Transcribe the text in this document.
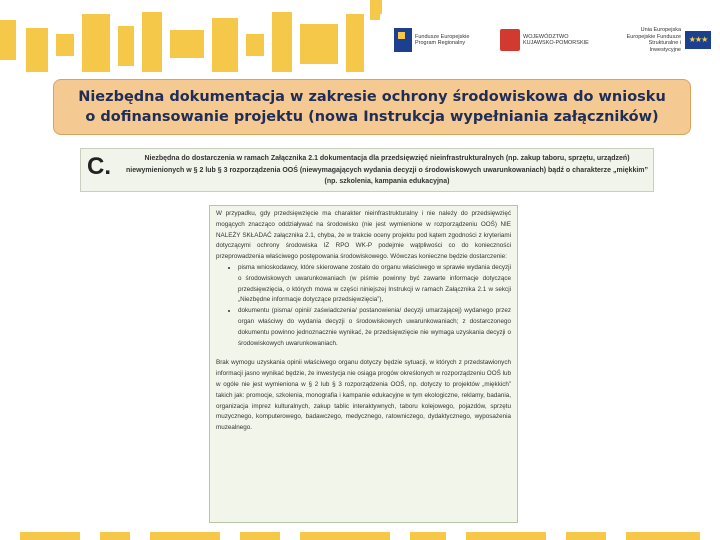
Fundusze Europejskie Program Regionalny
WOJEWÓDZTWO KUJAWSKO-POMORSKIE
Unia Europejska Europejskie Fundusze Strukturalne i Inwestycyjne
★★★
Niezbędna dokumentacja w zakresie ochrony środowiskowa do wniosku
o dofinansowanie projektu (nowa Instrukcja wypełniania załączników)
C.	Niezbędna do dostarczenia w ramach Załącznika 2.1 dokumentacja dla przedsięwzięć nieinfrastrukturalnych (np. zakup taboru, sprzętu, urządzeń) niewymienionych w § 2 lub § 3 rozporządzenia OOŚ (niewymagających wydania decyzji o środowiskowych uwarunkowaniach) bądź o charakterze „miękkim” (np. szkolenia, kampania edukacyjna)

W przypadku, gdy przedsięwzięcie ma charakter nieinfrastrukturalny i nie należy do przedsięwzięć mogących znacząco oddziaływać na środowisko (nie jest wymienione w rozporządzeniu OOŚ) NIE NALEŻY SKŁADAĆ załącznika 2.1, chyba, że w trakcie oceny projektu pod kątem zgodności z kryteriami dotyczącymi ochrony środowiska IZ RPO WK-P podejmie wątpliwości co do konieczności przeprowadzenia właściwego postępowania środowiskowego. Wówczas konieczne będzie dostarczenie:

• pisma wnioskodawcy, które skierowane zostało do organu właściwego w sprawie wydania decyzji o środowiskowych uwarunkowaniach (w piśmie powinny być zawarte informacje dotyczące przedsięwzięcia, o których mowa w części niniejszej Instrukcji w ramach Załącznika 2.1 w sekcji „Niezbędne informacje dotyczące przedsięwzięcia”),
• dokumentu (pisma/ opinii/ zaświadczenia/ postanowienia/ decyzji umarzającej) wydanego przez organ właściwy do wydania decyzji o środowiskowych uwarunkowaniach; z dostarczonego dokumentu powinno jednoznacznie wynikać, że przedsięwzięcie nie wymaga uzyskania decyzji o środowiskowych uwarunkowaniach.

Brak wymogu uzyskania opinii właściwego organu dotyczy będzie sytuacji, w których z przedstawionych informacji jasno wynikać będzie, że inwestycja nie osiąga progów określonych w rozporządzeniu OOŚ lub w ogóle nie jest wymieniona w § 2 lub § 3 rozporządzenia OOŚ, np. dotyczy to projektów „miękkich” takich jak: promocje, szkolenia, monografia i kampanie edukacyjne w tym ekologiczne, reklamy, badania, organizacja imprez kulturalnych, zakup tablic interaktywnych, taboru kolejowego, pojazdów, sprzętu muzycznego, komputerowego, badawczego, medycznego, ratowniczego, dydaktycznego, wyposażenia muzealnego.
